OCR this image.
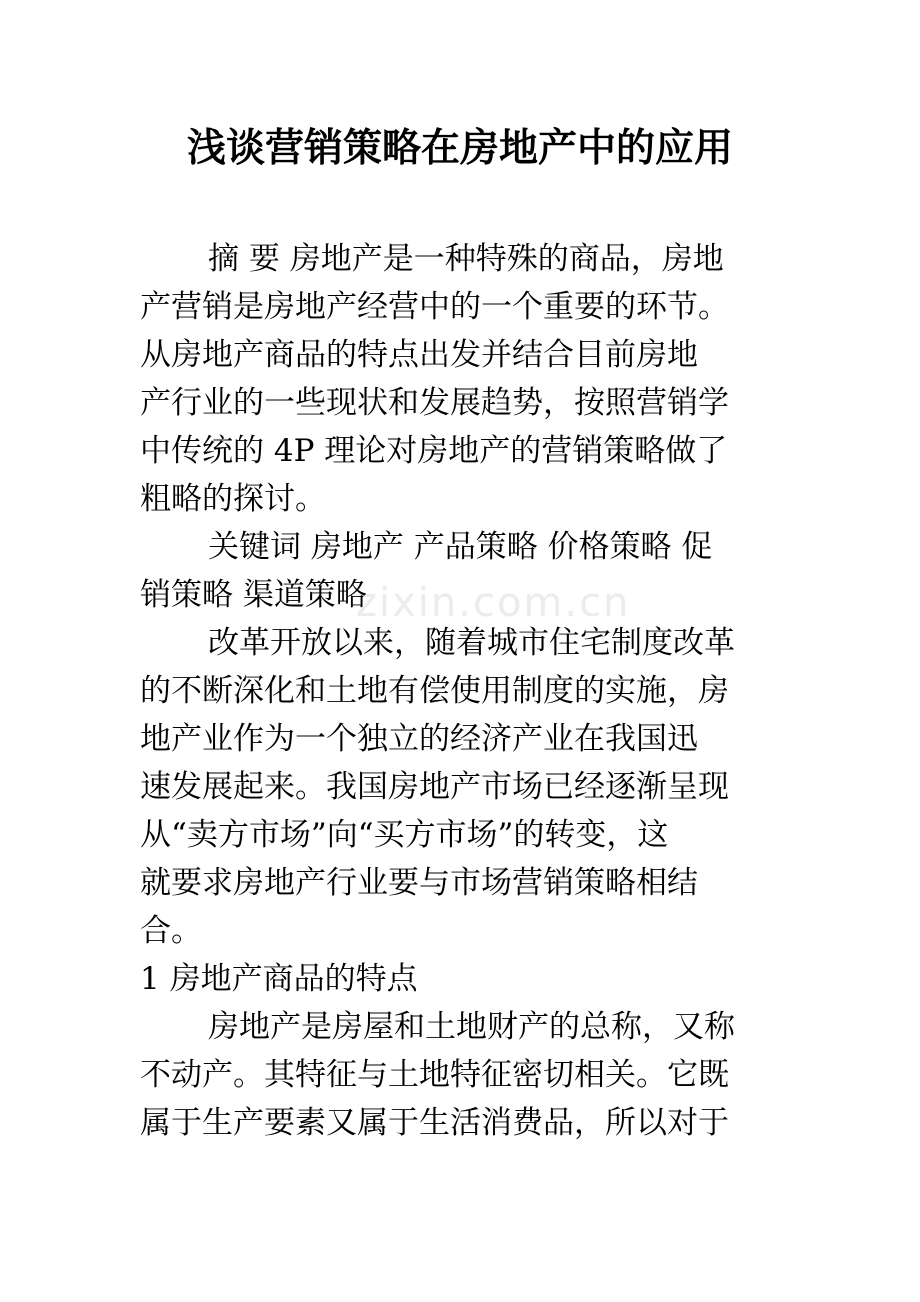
zixin.com.cn
浅谈营销策略在房地产中的应用
摘 要 房地产是一种特殊的商品，房地
产营销是房地产经营中的一个重要的环节。
从房地产商品的特点出发并结合目前房地
产行业的一些现状和发展趋势，按照营销学
中传统的 4P 理论对房地产的营销策略做了
粗略的探讨。
关键词 房地产 产品策略 价格策略 促
销策略 渠道策略
改革开放以来，随着城市住宅制度改革
的不断深化和土地有偿使用制度的实施，房
地产业作为一个独立的经济产业在我国迅
速发展起来。我国房地产市场已经逐渐呈现
从“卖方市场”向“买方市场”的转变，这
就要求房地产行业要与市场营销策略相结
合。
1 房地产商品的特点
房地产是房屋和土地财产的总称，又称
不动产。其特征与土地特征密切相关。它既
属于生产要素又属于生活消费品，所以对于
